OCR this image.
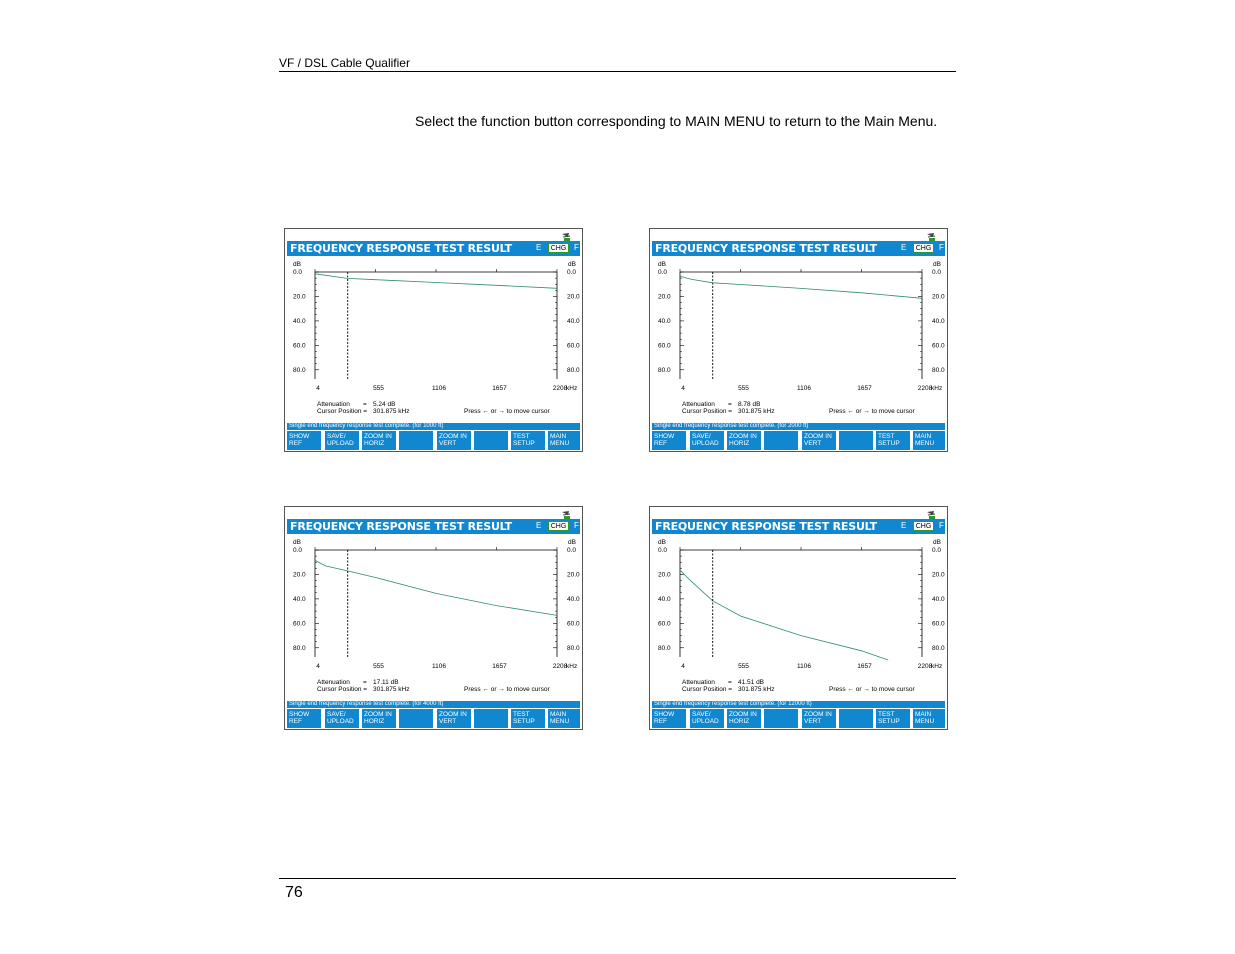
VF / DSL Cable Qualifier
Select the function button corresponding to MAIN MENU to return to the Main Menu.
76
FREQUENCY RESPONSE TEST RESULT	E	CHG F
dB	dB
0.0	0.0
20.0	20.0
40.0	40.0
60.0	60.0
80.0	80.0
4	555	1106	1657	2208
kHz
Attenuation = 5.24 dB
Cursor Position = 301.875 kHz	Press ← or → to move cursor
Single end frequency response test complete. (for 1000 ft)
SHOW
REF
SAVE/
UPLOAD
ZOOM IN
HORIZ
ZOOM IN
VERT
TEST
SETUP
MAIN
MENU
FREQUENCY RESPONSE TEST RESULT	E	CHG F
dB	dB
0.0	0.0
20.0	20.0
40.0	40.0
60.0	60.0
80.0	80.0
4	555	1106	1657	2208
kHz
Attenuation = 8.78 dB
Cursor Position = 301.875 kHz	Press ← or → to move cursor
Single end frequency response test complete. (for 2000 ft)
SHOW
REF
SAVE/
UPLOAD
ZOOM IN
HORIZ
ZOOM IN
VERT
TEST
SETUP
MAIN
MENU
FREQUENCY RESPONSE TEST RESULT	E	CHG F
dB	dB
0.0	0.0
20.0	20.0
40.0	40.0
60.0	60.0
80.0	80.0
4	555	1106	1657	2208
kHz
Attenuation = 17.11 dB
Cursor Position = 301.875 kHz	Press ← or → to move cursor
Single end frequency response test complete. (for 4000 ft)
SHOW
REF
SAVE/
UPLOAD
ZOOM IN
HORIZ
ZOOM IN
VERT
TEST
SETUP
MAIN
MENU
FREQUENCY RESPONSE TEST RESULT	E	CHG F
dB	dB
0.0	0.0
20.0	20.0
40.0	40.0
60.0	60.0
80.0	80.0
4	555	1106	1657	2208
kHz
Attenuation = 41.51 dB
Cursor Position = 301.875 kHz	Press ← or → to move cursor
Single end frequency response test complete. (for 12000 ft)
SHOW
REF
SAVE/
UPLOAD
ZOOM IN
HORIZ
ZOOM IN
VERT
TEST
SETUP
MAIN
MENU
